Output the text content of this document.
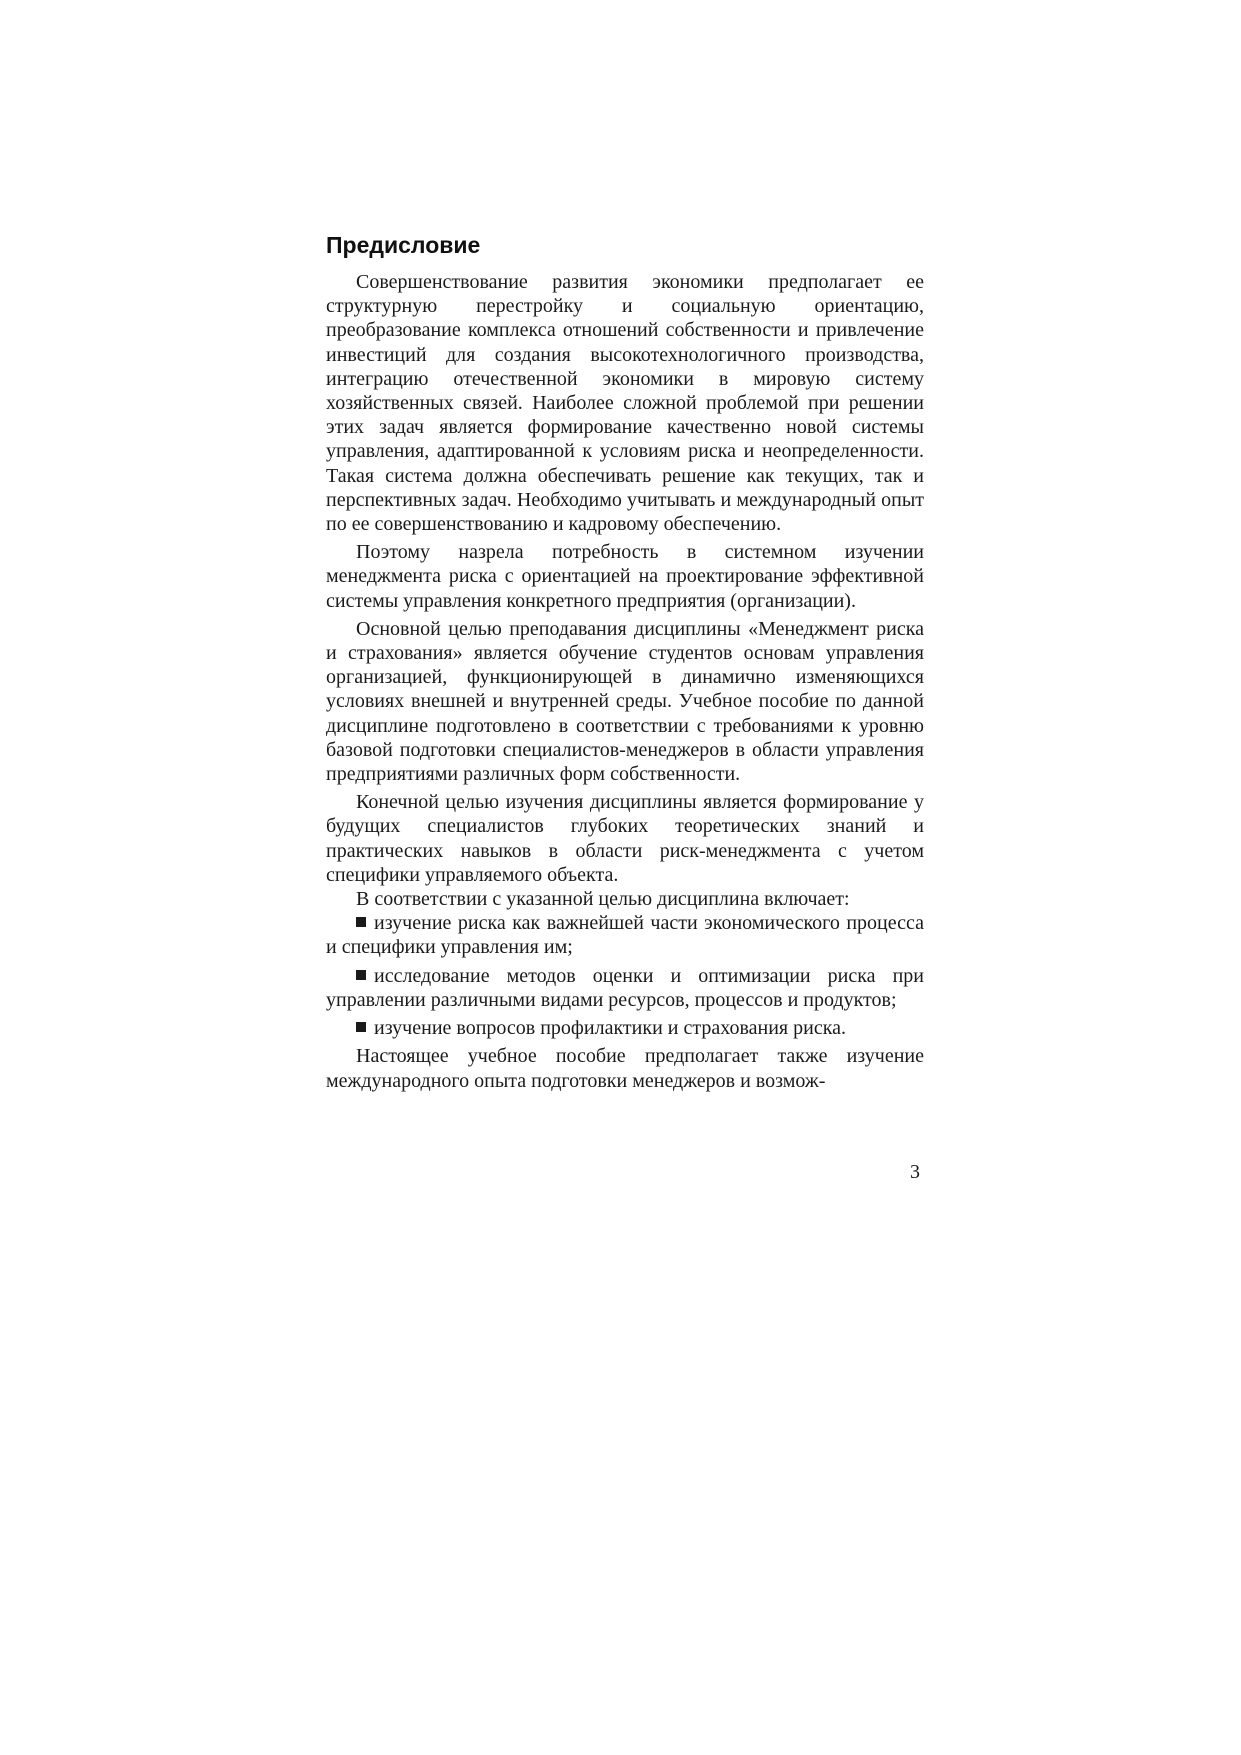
Предисловие

Совершенствование развития экономики предполагает ее структурную перестройку и социальную ориентацию, преобразование комплекса отношений собственности и привлечение инвестиций для создания высокотехнологичного производства, интеграцию отечественной экономики в мировую систему хозяйственных связей. Наиболее сложной проблемой при решении этих задач является формирование качественно новой системы управления, адаптированной к условиям риска и неопределенности. Такая система должна обеспечивать решение как текущих, так и перспективных задач. Необходимо учитывать и международный опыт по ее совершенствованию и кадровому обеспечению.

Поэтому назрела потребность в системном изучении менеджмента риска с ориентацией на проектирование эффективной системы управления конкретного предприятия (организации).

Основной целью преподавания дисциплины «Менеджмент риска и страхования» является обучение студентов основам управления организацией, функционирующей в динамично изменяющихся условиях внешней и внутренней среды. Учебное пособие по данной дисциплине подготовлено в соответствии с требованиями к уровню базовой подготовки специалистов-менеджеров в области управления предприятиями различных форм собственности.

Конечной целью изучения дисциплины является формирование у будущих специалистов глубоких теоретических знаний и практических навыков в области риск-менеджмента с учетом специфики управляемого объекта.

В соответствии с указанной целью дисциплина включает:

изучение риска как важнейшей части экономического процесса и специфики управления им;

исследование методов оценки и оптимизации риска при управлении различными видами ресурсов, процессов и продуктов;

изучение вопросов профилактики и страхования риска.

Настоящее учебное пособие предполагает также изучение международного опыта подготовки менеджеров и возмож-

3
